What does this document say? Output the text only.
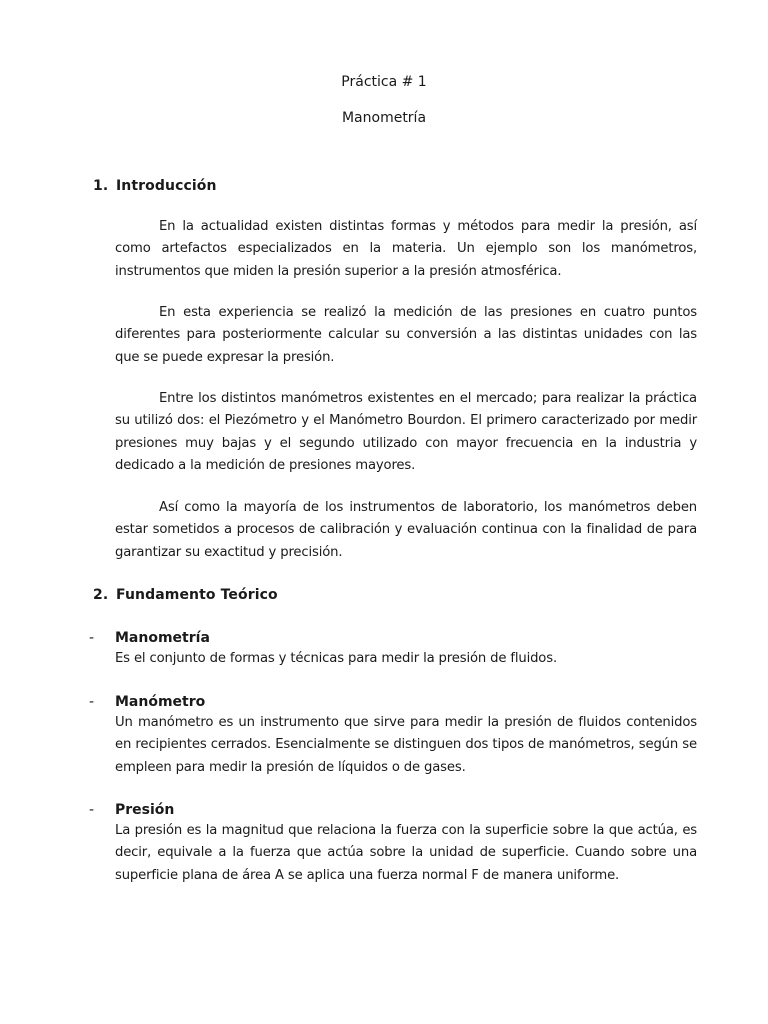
Práctica # 1
Manometría
1. Introducción

En la actualidad existen distintas formas y métodos para medir la presión, así como artefactos especializados en la materia. Un ejemplo son los manómetros, instrumentos que miden la presión superior a la presión atmosférica.

En esta experiencia se realizó la medición de las presiones en cuatro puntos diferentes para posteriormente calcular su conversión a las distintas unidades con las que se puede expresar la presión.

Entre los distintos manómetros existentes en el mercado; para realizar la práctica su utilizó dos: el Piezómetro y el Manómetro Bourdon. El primero caracterizado por medir presiones muy bajas y el segundo utilizado con mayor frecuencia en la industria y dedicado a la medición de presiones mayores.

Así como la mayoría de los instrumentos de laboratorio, los manómetros deben estar sometidos a procesos de calibración y evaluación continua con la finalidad de para garantizar su exactitud y precisión.

2. Fundamento Teórico
- Manometría

Es el conjunto de formas y técnicas para medir la presión de fluidos.

- Manómetro

Un manómetro es un instrumento que sirve para medir la presión de fluidos contenidos en recipientes cerrados. Esencialmente se distinguen dos tipos de manómetros, según se empleen para medir la presión de líquidos o de gases.

- Presión

La presión es la magnitud que relaciona la fuerza con la superficie sobre la que actúa, es decir, equivale a la fuerza que actúa sobre la unidad de superficie. Cuando sobre una superficie plana de área A se aplica una fuerza normal F de manera uniforme.
